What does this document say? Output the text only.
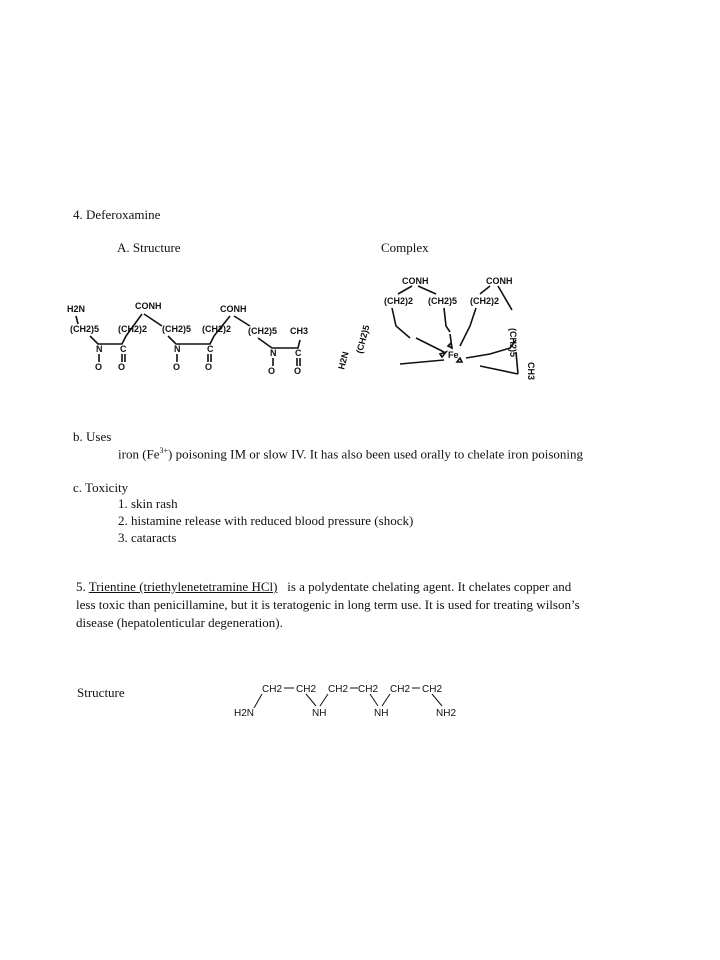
4. Deferoxamine
A. Structure	Complex
H2N	CONH	CONH
(CH2)5 (CH2)2 (CH2)5 (CH2)2 (CH2)5 CH3
N C	N	C	N C
O O	O	O	O O
CONH	CONH
(CH2)2 (CH2)5 (CH2)2
(CH2)5
H2N
(CH2)5
Fe
CH3
b. Uses
iron $(Fe^{3+})$ poisoning IM or slow IV. It has also been used orally to chelate iron poisoning
c. Toxicity
1. skin rash
2. histamine release with reduced blood pressure (shock)
3. cataracts
5. Trientine (triethylenetetramine HCl) is a polydentate chelating agent. It chelates copper and
less toxic than penicillamine, but it is teratogenic in long term use. It is used for treating wilson’s
disease (hepatolenticular degeneration).
Structure
H2N
CH2 CH2
NH
CH2 CH2
NH
CH2 CH2
NH2
